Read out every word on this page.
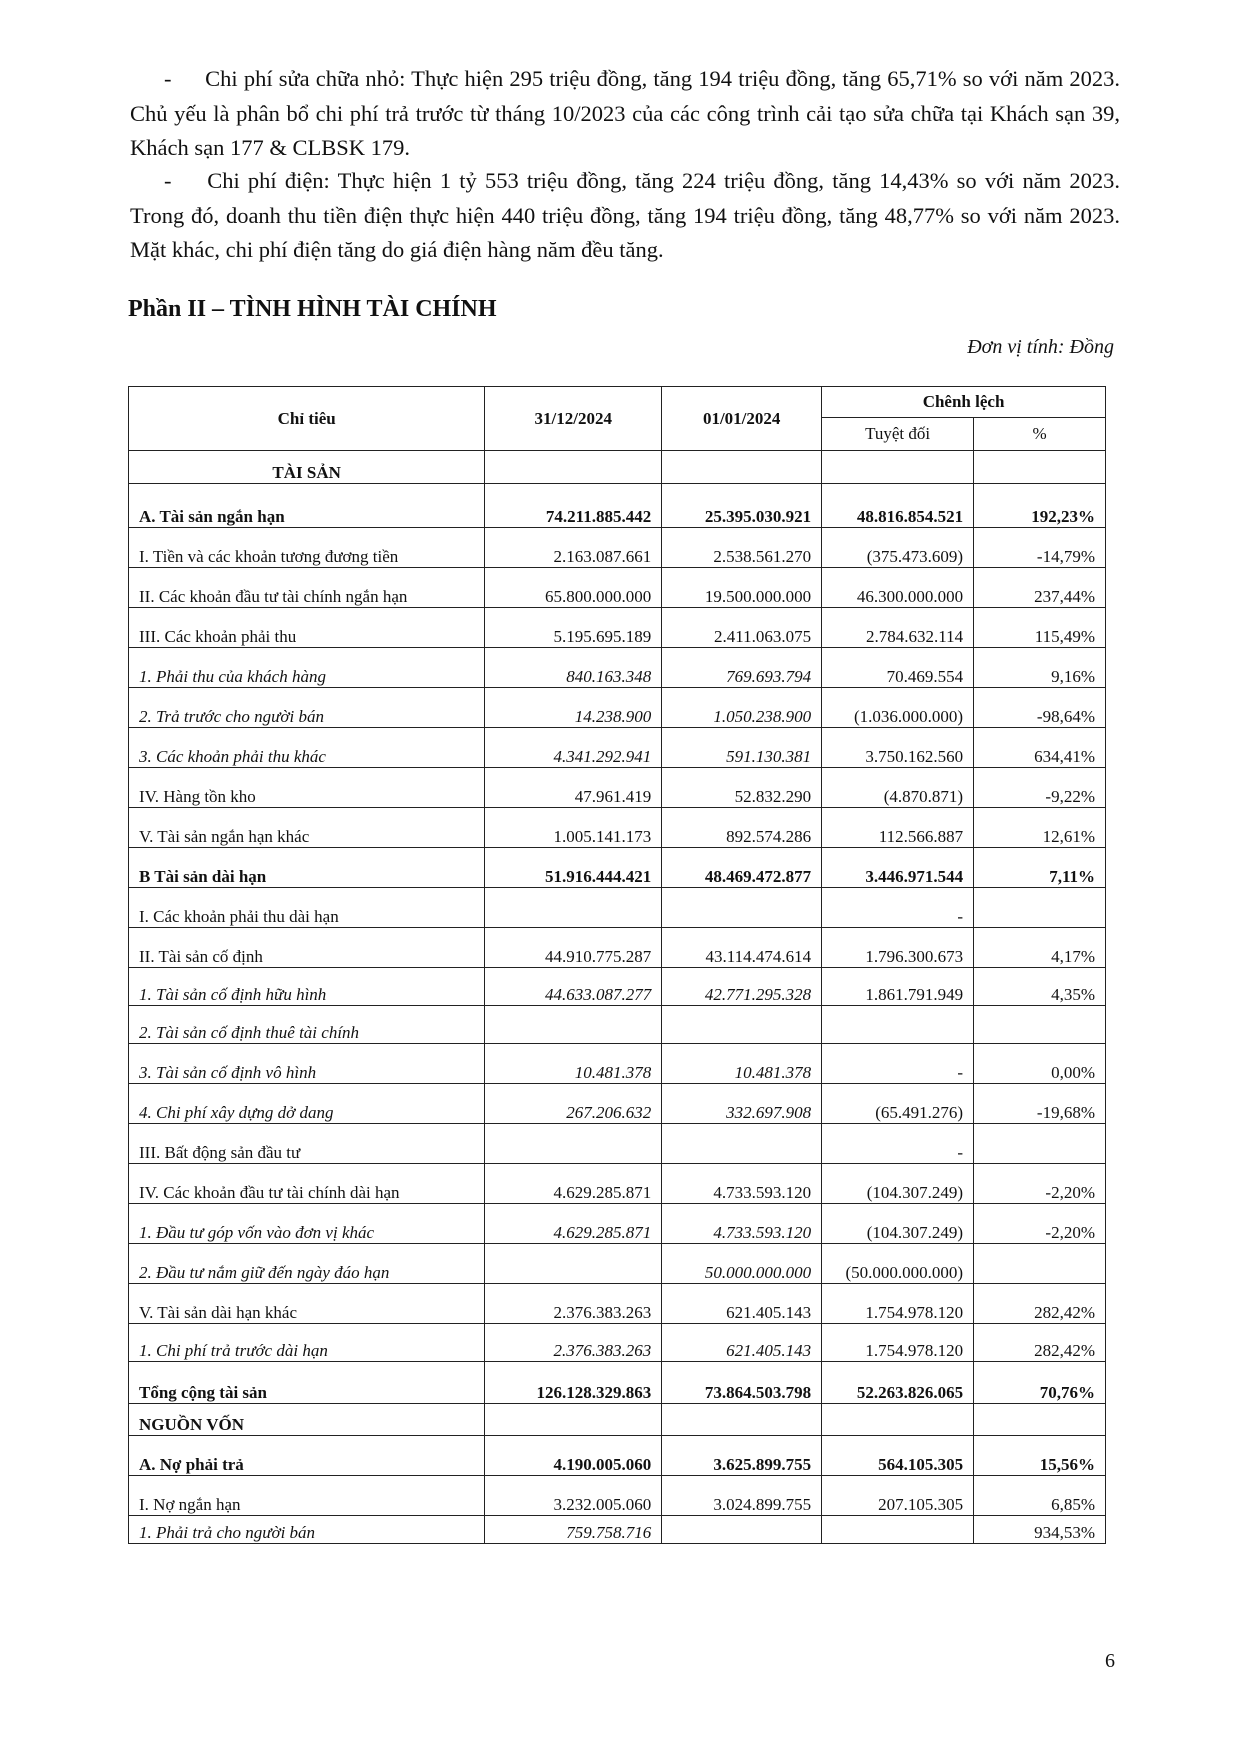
- Chi phí sửa chữa nhỏ: Thực hiện 295 triệu đồng, tăng 194 triệu đồng, tăng 65,71% so với năm 2023. Chủ yếu là phân bổ chi phí trả trước từ tháng 10/2023 của các công trình cải tạo sửa chữa tại Khách sạn 39, Khách sạn 177 & CLBSK 179.
- Chi phí điện: Thực hiện 1 tỷ 553 triệu đồng, tăng 224 triệu đồng, tăng 14,43% so với năm 2023. Trong đó, doanh thu tiền điện thực hiện 440 triệu đồng, tăng 194 triệu đồng, tăng 48,77% so với năm 2023. Mặt khác, chi phí điện tăng do giá điện hàng năm đều tăng.
Phần II – TÌNH HÌNH TÀI CHÍNH
Đơn vị tính: Đồng
Chỉ tiêu	31/12/2024	01/01/2024	Chênh lệch	
			Tuyệt đối	%
TÀI SẢN				
A. Tài sản ngắn hạn	74.211.885.442	25.395.030.921	48.816.854.521	192,23%
I. Tiền và các khoản tương đương tiền	2.163.087.661	2.538.561.270	(375.473.609)	-14,79%
II. Các khoản đầu tư tài chính ngắn hạn	65.800.000.000	19.500.000.000	46.300.000.000	237,44%
III. Các khoản phải thu	5.195.695.189	2.411.063.075	2.784.632.114	115,49%
1. Phải thu của khách hàng	840.163.348	769.693.794	70.469.554	9,16%
2. Trả trước cho người bán	14.238.900	1.050.238.900	(1.036.000.000)	-98,64%
3. Các khoản phải thu khác	4.341.292.941	591.130.381	3.750.162.560	634,41%
IV. Hàng tồn kho	47.961.419	52.832.290	(4.870.871)	-9,22%
V. Tài sản ngắn hạn khác	1.005.141.173	892.574.286	112.566.887	12,61%
B Tài sản dài hạn	51.916.444.421	48.469.472.877	3.446.971.544	7,11%
I. Các khoản phải thu dài hạn			-	
II. Tài sản cố định	44.910.775.287	43.114.474.614	1.796.300.673	4,17%
1. Tài sản cố định hữu hình	44.633.087.277	42.771.295.328	1.861.791.949	4,35%
2. Tài sản cố định thuê tài chính				
3. Tài sản cố định vô hình	10.481.378	10.481.378	-	0,00%
4. Chi phí xây dựng dở dang	267.206.632	332.697.908	(65.491.276)	-19,68%
III. Bất động sản đầu tư			-	
IV. Các khoản đầu tư tài chính dài hạn	4.629.285.871	4.733.593.120	(104.307.249)	-2,20%
1. Đầu tư góp vốn vào đơn vị khác	4.629.285.871	4.733.593.120	(104.307.249)	-2,20%
2. Đầu tư nắm giữ đến ngày đáo hạn		50.000.000.000	(50.000.000.000)	
V. Tài sản dài hạn khác	2.376.383.263	621.405.143	1.754.978.120	282,42%
1. Chi phí trả trước dài hạn	2.376.383.263	621.405.143	1.754.978.120	282,42%
Tổng cộng tài sản	126.128.329.863	73.864.503.798	52.263.826.065	70,76%
NGUỒN VỐN				
A. Nợ phải trả	4.190.005.060	3.625.899.755	564.105.305	15,56%
I. Nợ ngắn hạn	3.232.005.060	3.024.899.755	207.105.305	6,85%
1. Phải trả cho người bán	759.758.716			934,53%
6
